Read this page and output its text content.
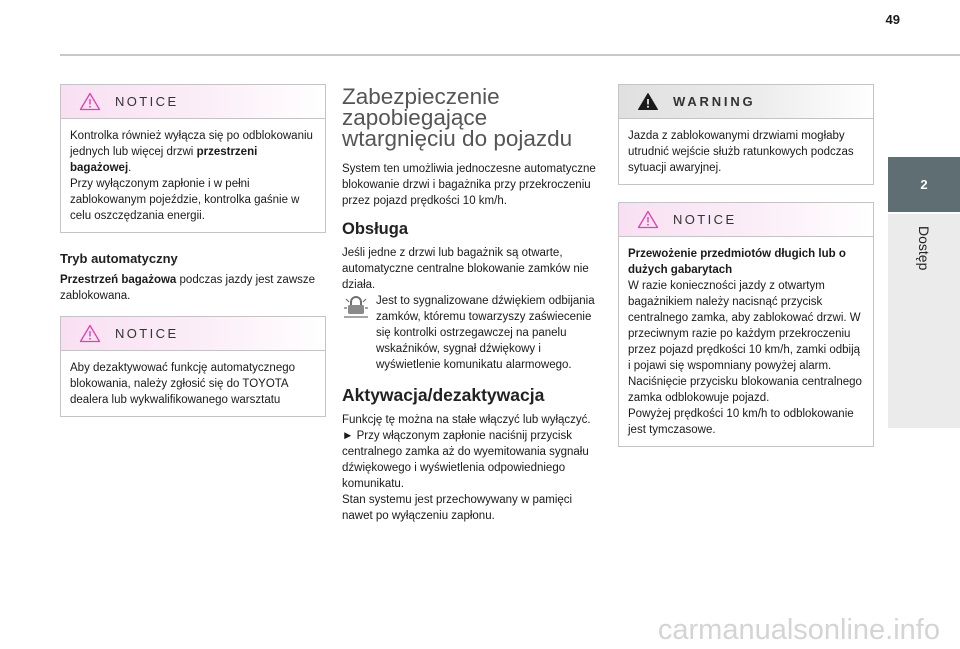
49
2
Dostęp
NOTICE

Kontrolka również wyłącza się po odblokowaniu jednych lub więcej drzwi przestrzeni bagażowej.

Przy wyłączonym zapłonie i w pełni zablokowanym pojeździe, kontrolka gaśnie w celu oszczędzania energii.

Tryb automatyczny

Przestrzeń bagażowa podczas jazdy jest zawsze zablokowana.

NOTICE

Aby dezaktywować funkcję automatycznego blokowania, należy zgłosić się do TOYOTA dealera lub wykwalifikowanego warsztatu

Zabezpieczenie zapobiegające wtargnięciu do pojazdu

System ten umożliwia jednoczesne automatyczne blokowanie drzwi i bagażnika przy przekroczeniu przez pojazd prędkości 10 km/h.

Obsługa

Jeśli jedne z drzwi lub bagażnik są otwarte, automatyczne centralne blokowanie zamków nie działa.

Jest to sygnalizowane dźwiękiem odbijania zamków, któremu towarzyszy zaświecenie się kontrolki ostrzegawczej na panelu wskaźników, sygnał dźwiękowy i wyświetlenie komunikatu alarmowego.

Aktywacja/dezaktywacja

Funkcję tę można na stałe włączyć lub wyłączyć.

► Przy włączonym zapłonie naciśnij przycisk centralnego zamka aż do wyemitowania sygnału dźwiękowego i wyświetlenia odpowiedniego komunikatu.

Stan systemu jest przechowywany w pamięci nawet po wyłączeniu zapłonu.

WARNING

Jazda z zablokowanymi drzwiami mogłaby utrudnić wejście służb ratunkowych podczas sytuacji awaryjnej.

NOTICE

Przewożenie przedmiotów długich lub o dużych gabarytach

W razie konieczności jazdy z otwartym bagażnikiem należy nacisnąć przycisk centralnego zamka, aby zablokować drzwi. W przeciwnym razie po każdym przekroczeniu przez pojazd prędkości 10 km/h, zamki odbiją i pojawi się wspomniany powyżej alarm.

Naciśnięcie przycisku blokowania centralnego zamka odblokowuje pojazd.

Powyżej prędkości 10 km/h to odblokowanie jest tymczasowe.

carmanualsonline.info
